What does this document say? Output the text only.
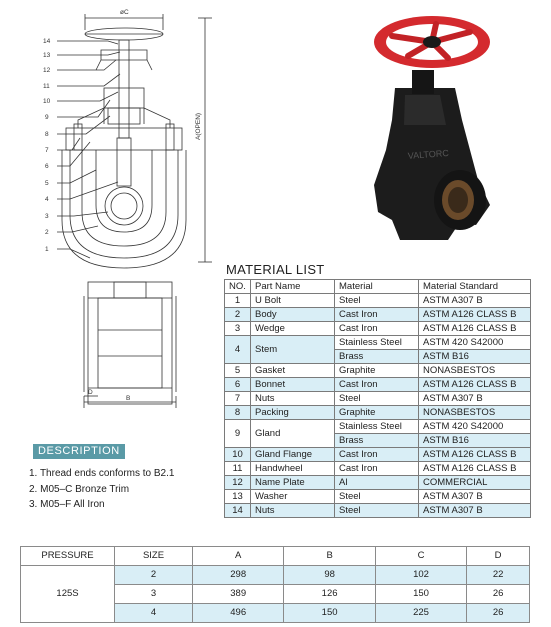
14
13
12
11
10
9
8
7
6
5
4
3
2
1
øC
A(OPEN)
B
D
VALTORC
MATERIAL LIST
NO.	Part Name	Material	Material Standard
1	U Bolt	Steel	ASTM A307 B
2	Body	Cast Iron	ASTM A126 CLASS B
3	Wedge	Cast Iron	ASTM A126 CLASS B
4	Stem	Stainless Steel	ASTM 420 S42000
		Brass	ASTM B16
5	Gasket	Graphite	NONASBESTOS
6	Bonnet	Cast Iron	ASTM A126 CLASS B
7	Nuts	Steel	ASTM A307 B
8	Packing	Graphite	NONASBESTOS
9	Gland	Stainless Steel	ASTM 420 S42000
		Brass	ASTM B16
10	Gland Flange	Cast Iron	ASTM A126 CLASS B
11	Handwheel	Cast Iron	ASTM A126 CLASS B
12	Name Plate	Al	COMMERCIAL
13	Washer	Steel	ASTM A307 B
14	Nuts	Steel	ASTM A307 B
DESCRIPTION
1. Thread ends conforms to B2.1
2. M05–C Bronze Trim
3. M05–F All Iron
PRESSURE	SIZE	A	B	C	D
125S	2	298	98	102	22
	3	389	126	150	26
	4	496	150	225	26
